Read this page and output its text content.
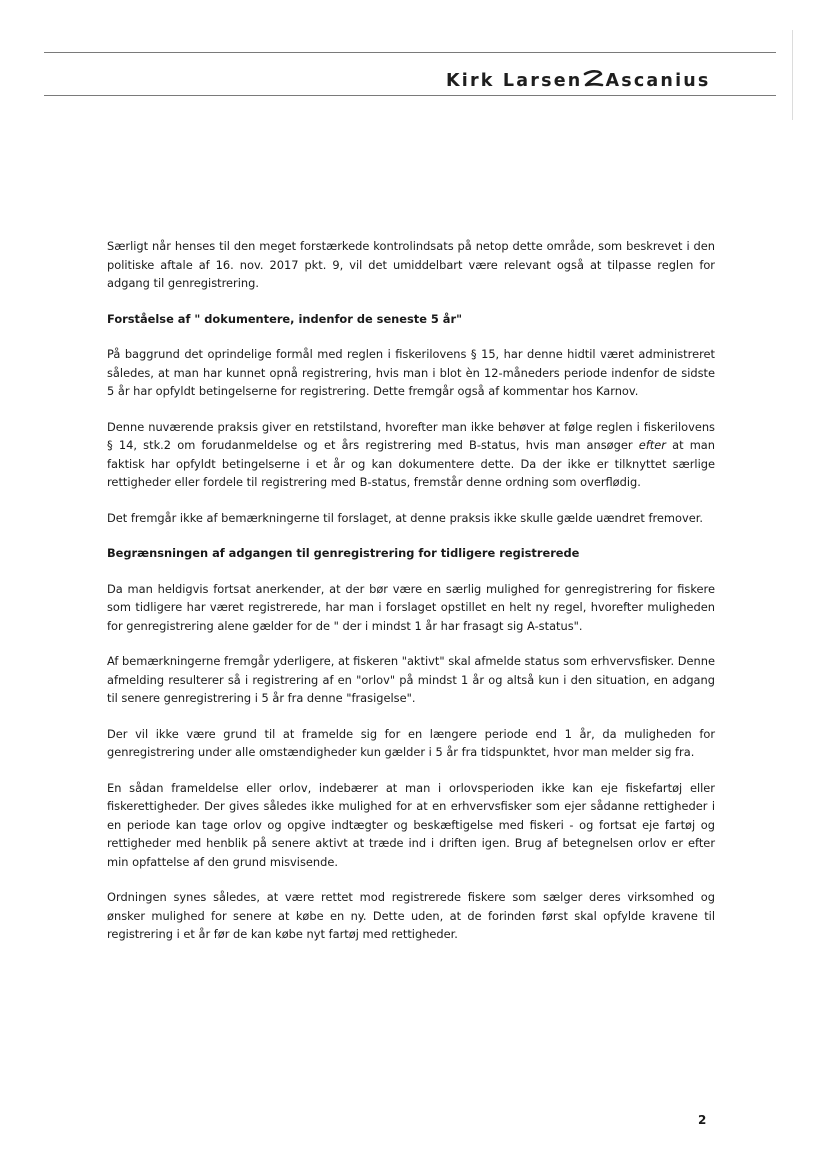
Kirk Larsen Ascanius

Særligt når henses til den meget forstærkede kontrolindsats på netop dette område, som beskrevet i den politiske aftale af 16. nov. 2017 pkt. 9, vil det umiddelbart være relevant også at tilpasse reglen for adgang til genregistrering.

Forståelse af " dokumentere, indenfor de seneste 5 år"

På baggrund det oprindelige formål med reglen i fiskerilovens § 15, har denne hidtil været administreret således, at man har kunnet opnå registrering, hvis man i blot èn 12-måneders periode indenfor de sidste 5 år har opfyldt betingelserne for registrering. Dette fremgår også af kommentar hos Karnov.

Denne nuværende praksis giver en retstilstand, hvorefter man ikke behøver at følge reglen i fiskerilovens § 14, stk.2 om forudanmeldelse og et års registrering med B-status, hvis man ansøger efter at man faktisk har opfyldt betingelserne i et år og kan dokumentere dette. Da der ikke er tilknyttet særlige rettigheder eller fordele til registrering med B-status, fremstår denne ordning som overflødig.

Det fremgår ikke af bemærkningerne til forslaget, at denne praksis ikke skulle gælde uændret fremover.

Begrænsningen af adgangen til genregistrering for tidligere registrerede

Da man heldigvis fortsat anerkender, at der bør være en særlig mulighed for genregistrering for fiskere som tidligere har været registrerede, har man i forslaget opstillet en helt ny regel, hvorefter muligheden for genregistrering alene gælder for de " der i mindst 1 år har frasagt sig A-status".

Af bemærkningerne fremgår yderligere, at fiskeren "aktivt" skal afmelde status som erhvervsfisker. Denne afmelding resulterer så i registrering af en "orlov" på mindst 1 år og altså kun i den situation, en adgang til senere genregistrering i 5 år fra denne "frasigelse".

Der vil ikke være grund til at framelde sig for en længere periode end 1 år, da muligheden for genregistrering under alle omstændigheder kun gælder i 5 år fra tidspunktet, hvor man melder sig fra.

En sådan frameldelse eller orlov, indebærer at man i orlovsperioden ikke kan eje fiskefartøj eller fiskerettigheder. Der gives således ikke mulighed for at en erhvervsfisker som ejer sådanne rettigheder i en periode kan tage orlov og opgive indtægter og beskæftigelse med fiskeri - og fortsat eje fartøj og rettigheder med henblik på senere aktivt at træde ind i driften igen. Brug af betegnelsen orlov er efter min opfattelse af den grund misvisende.

Ordningen synes således, at være rettet mod registrerede fiskere som sælger deres virksomhed og ønsker mulighed for senere at købe en ny. Dette uden, at de forinden først skal opfylde kravene til registrering i et år før de kan købe nyt fartøj med rettigheder.

2
